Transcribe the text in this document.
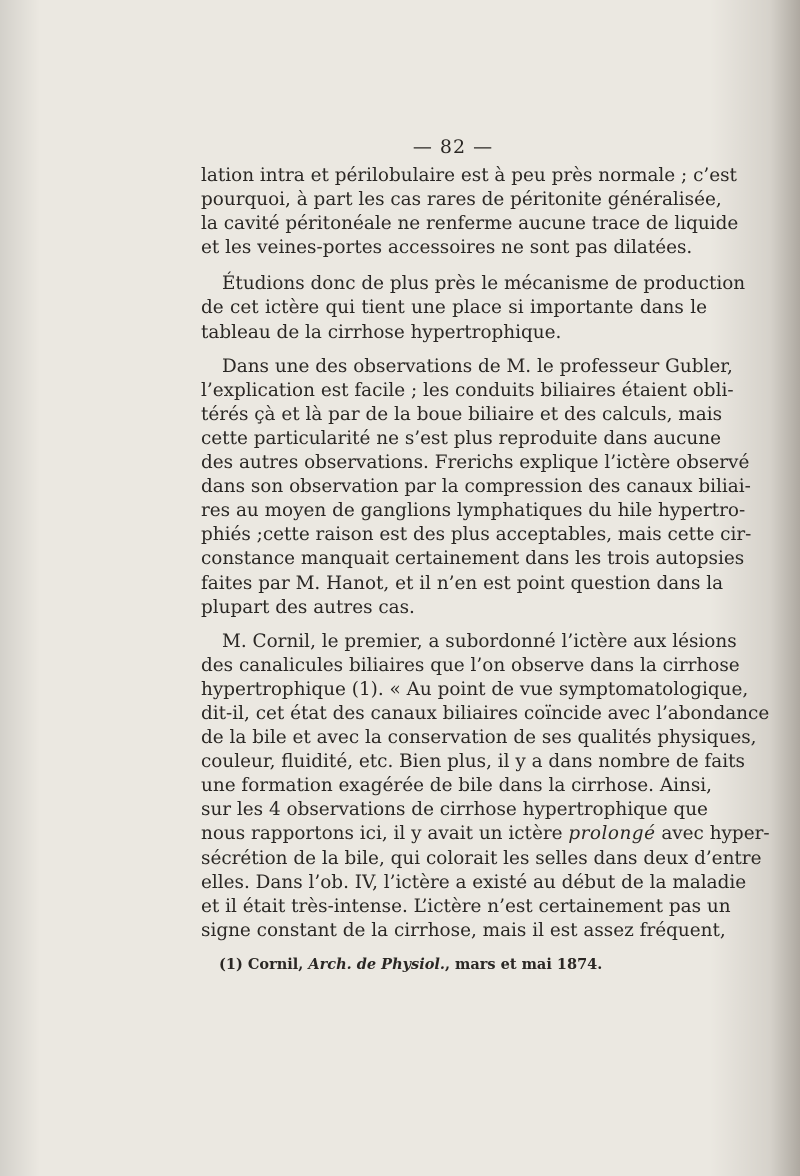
— 82 —

lation intra et périlobulaire est à peu près normale ; c’est
pourquoi, à part les cas rares de péritonite généralisée,
la cavité péritonéale ne renferme aucune trace de liquide
et les veines-portes accessoires ne sont pas dilatées.

Étudions donc de plus près le mécanisme de production
de cet ictère qui tient une place si importante dans le
tableau de la cirrhose hypertrophique.

Dans une des observations de M. le professeur Gubler,
l’explication est facile ; les conduits biliaires étaient obli-
térés çà et là par de la boue biliaire et des calculs, mais
cette particularité ne s’est plus reproduite dans aucune
des autres observations. Frerichs explique l’ictère observé
dans son observation par la compression des canaux biliai-
res au moyen de ganglions lymphatiques du hile hypertro-
phiés ;cette raison est des plus acceptables, mais cette cir-
constance manquait certainement dans les trois autopsies
faites par M. Hanot, et il n’en est point question dans la
plupart des autres cas.

M. Cornil, le premier, a subordonné l’ictère aux lésions
des canalicules biliaires que l’on observe dans la cirrhose
hypertrophique (1). « Au point de vue symptomatologique,
dit-il, cet état des canaux biliaires coïncide avec l’abondance
de la bile et avec la conservation de ses qualités physiques,
couleur, fluidité, etc. Bien plus, il y a dans nombre de faits
une formation exagérée de bile dans la cirrhose. Ainsi,
sur les 4 observations de cirrhose hypertrophique que
nous rapportons ici, il y avait un ictère prolongé avec hyper-
sécrétion de la bile, qui colorait les selles dans deux d’entre
elles. Dans l’ob. IV, l’ictère a existé au début de la maladie
et il était très-intense. L’ictère n’est certainement pas un
signe constant de la cirrhose, mais il est assez fréquent,

(1) Cornil, Arch. de Physiol., mars et mai 1874.
